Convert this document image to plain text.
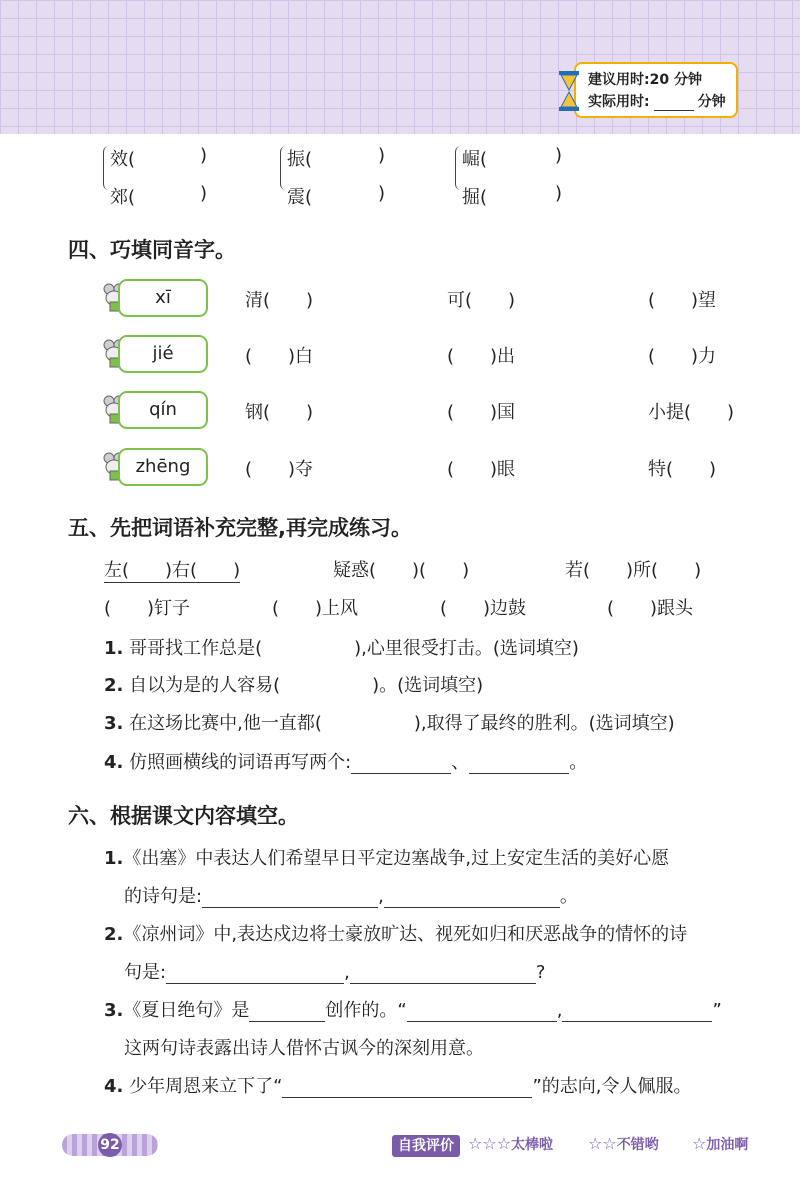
建议用时:20 分钟
实际用时:	分钟
效(	)
郊(	)
振(	)
震(	)
崛(	)
掘(	)
四、巧填同音字。
xī	清(　　)	可(　　)	(　　)望
jié	(　　)白	(　　)出	(　　)力
qín	钢(　　)	(　　)国	小提(　　)
zhēng	(　　)夺	(　　)眼	特(　　)
五、先把词语补充完整,再完成练习。
左(　　)右(　　)	疑惑(　　)(　　)	若(　　)所(　　)
(　　)钉子	(　　)上风	(　　)边鼓	(　　)跟头
1. 哥哥找工作总是(	),心里很受打击。(选词填空)
2. 自以为是的人容易(	)。(选词填空)
3. 在这场比赛中,他一直都(	),取得了最终的胜利。(选词填空)
4. 仿照画横线的词语再写两个:	、	。
六、根据课文内容填空。
1.《出塞》中表达人们希望早日平定边塞战争,过上安定生活的美好心愿
的诗句是:	,	。
2.《凉州词》中,表达戍边将士豪放旷达、视死如归和厌恶战争的情怀的诗
句是:	,	?
3.《夏日绝句》是	创作的。“	,	”
这两句诗表露出诗人借怀古讽今的深刻用意。
4. 少年周恩来立下了“	”的志向,令人佩服。
92	自我评价 ☆☆☆太棒啦 ☆☆不错哟 ☆加油啊
